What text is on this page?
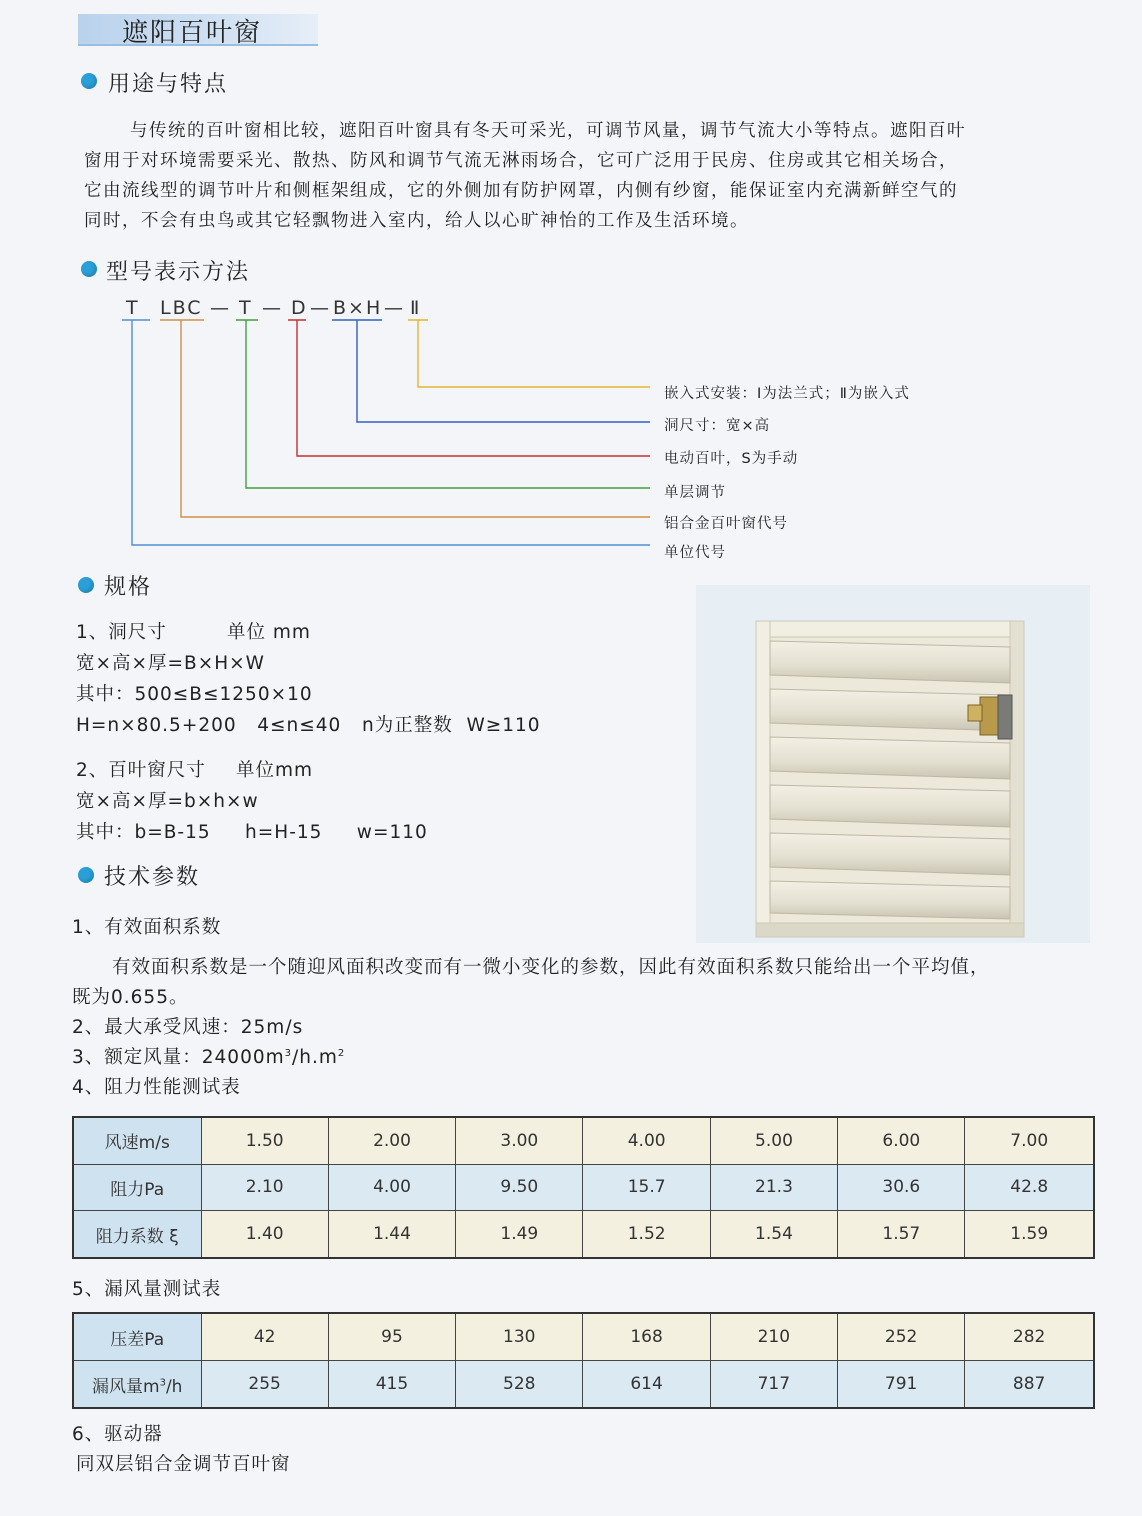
遮阳百叶窗
用途与特点
与传统的百叶窗相比较，遮阳百叶窗具有冬天可采光，可调节风量，调节气流大小等特点。遮阳百叶
窗用于对环境需要采光、散热、防风和调节气流无淋雨场合，它可广泛用于民房、住房或其它相关场合，
它由流线型的调节叶片和侧框架组成，它的外侧加有防护网罩，内侧有纱窗，能保证室内充满新鲜空气的
同时，不会有虫鸟或其它轻飘物进入室内，给人以心旷神怡的工作及生活环境。
型号表示方法
T LBC — T — D — B×H — Ⅱ
嵌入式安装：Ⅰ为法兰式；Ⅱ为嵌入式
洞尺寸：宽×高
电动百叶，S为手动
单层调节
铝合金百叶窗代号
单位代号
规格
1、洞尺寸	单位 mm
宽×高×厚=B×H×W
其中：500≤B≤1250×10
H=n×80.5+200   4≤n≤40   n为正整数  W≥110
2、百叶窗尺寸 单位mm
宽×高×厚=b×h×w
其中：b=B-15     h=H-15     w=110
技术参数
1、有效面积系数
有效面积系数是一个随迎风面积改变而有一微小变化的参数，因此有效面积系数只能给出一个平均值，
既为0.655。
2、最大承受风速：25m/s
3、额定风量：$24000m^3/h.m^2$
4、阻力性能测试表
风速m/s	1.50	2.00	3.00	4.00	5.00	6.00	7.00
阻力Pa	2.10	4.00	9.50	15.7	21.3	30.6	42.8
阻力系数 ξ	1.40	1.44	1.49	1.52	1.54	1.57	1.59
5、漏风量测试表
压差Pa	42	95	130	168	210	252	282
漏风量$m^3/h$	255	415	528	614	717	791	887
6、驱动器
同双层铝合金调节百叶窗
